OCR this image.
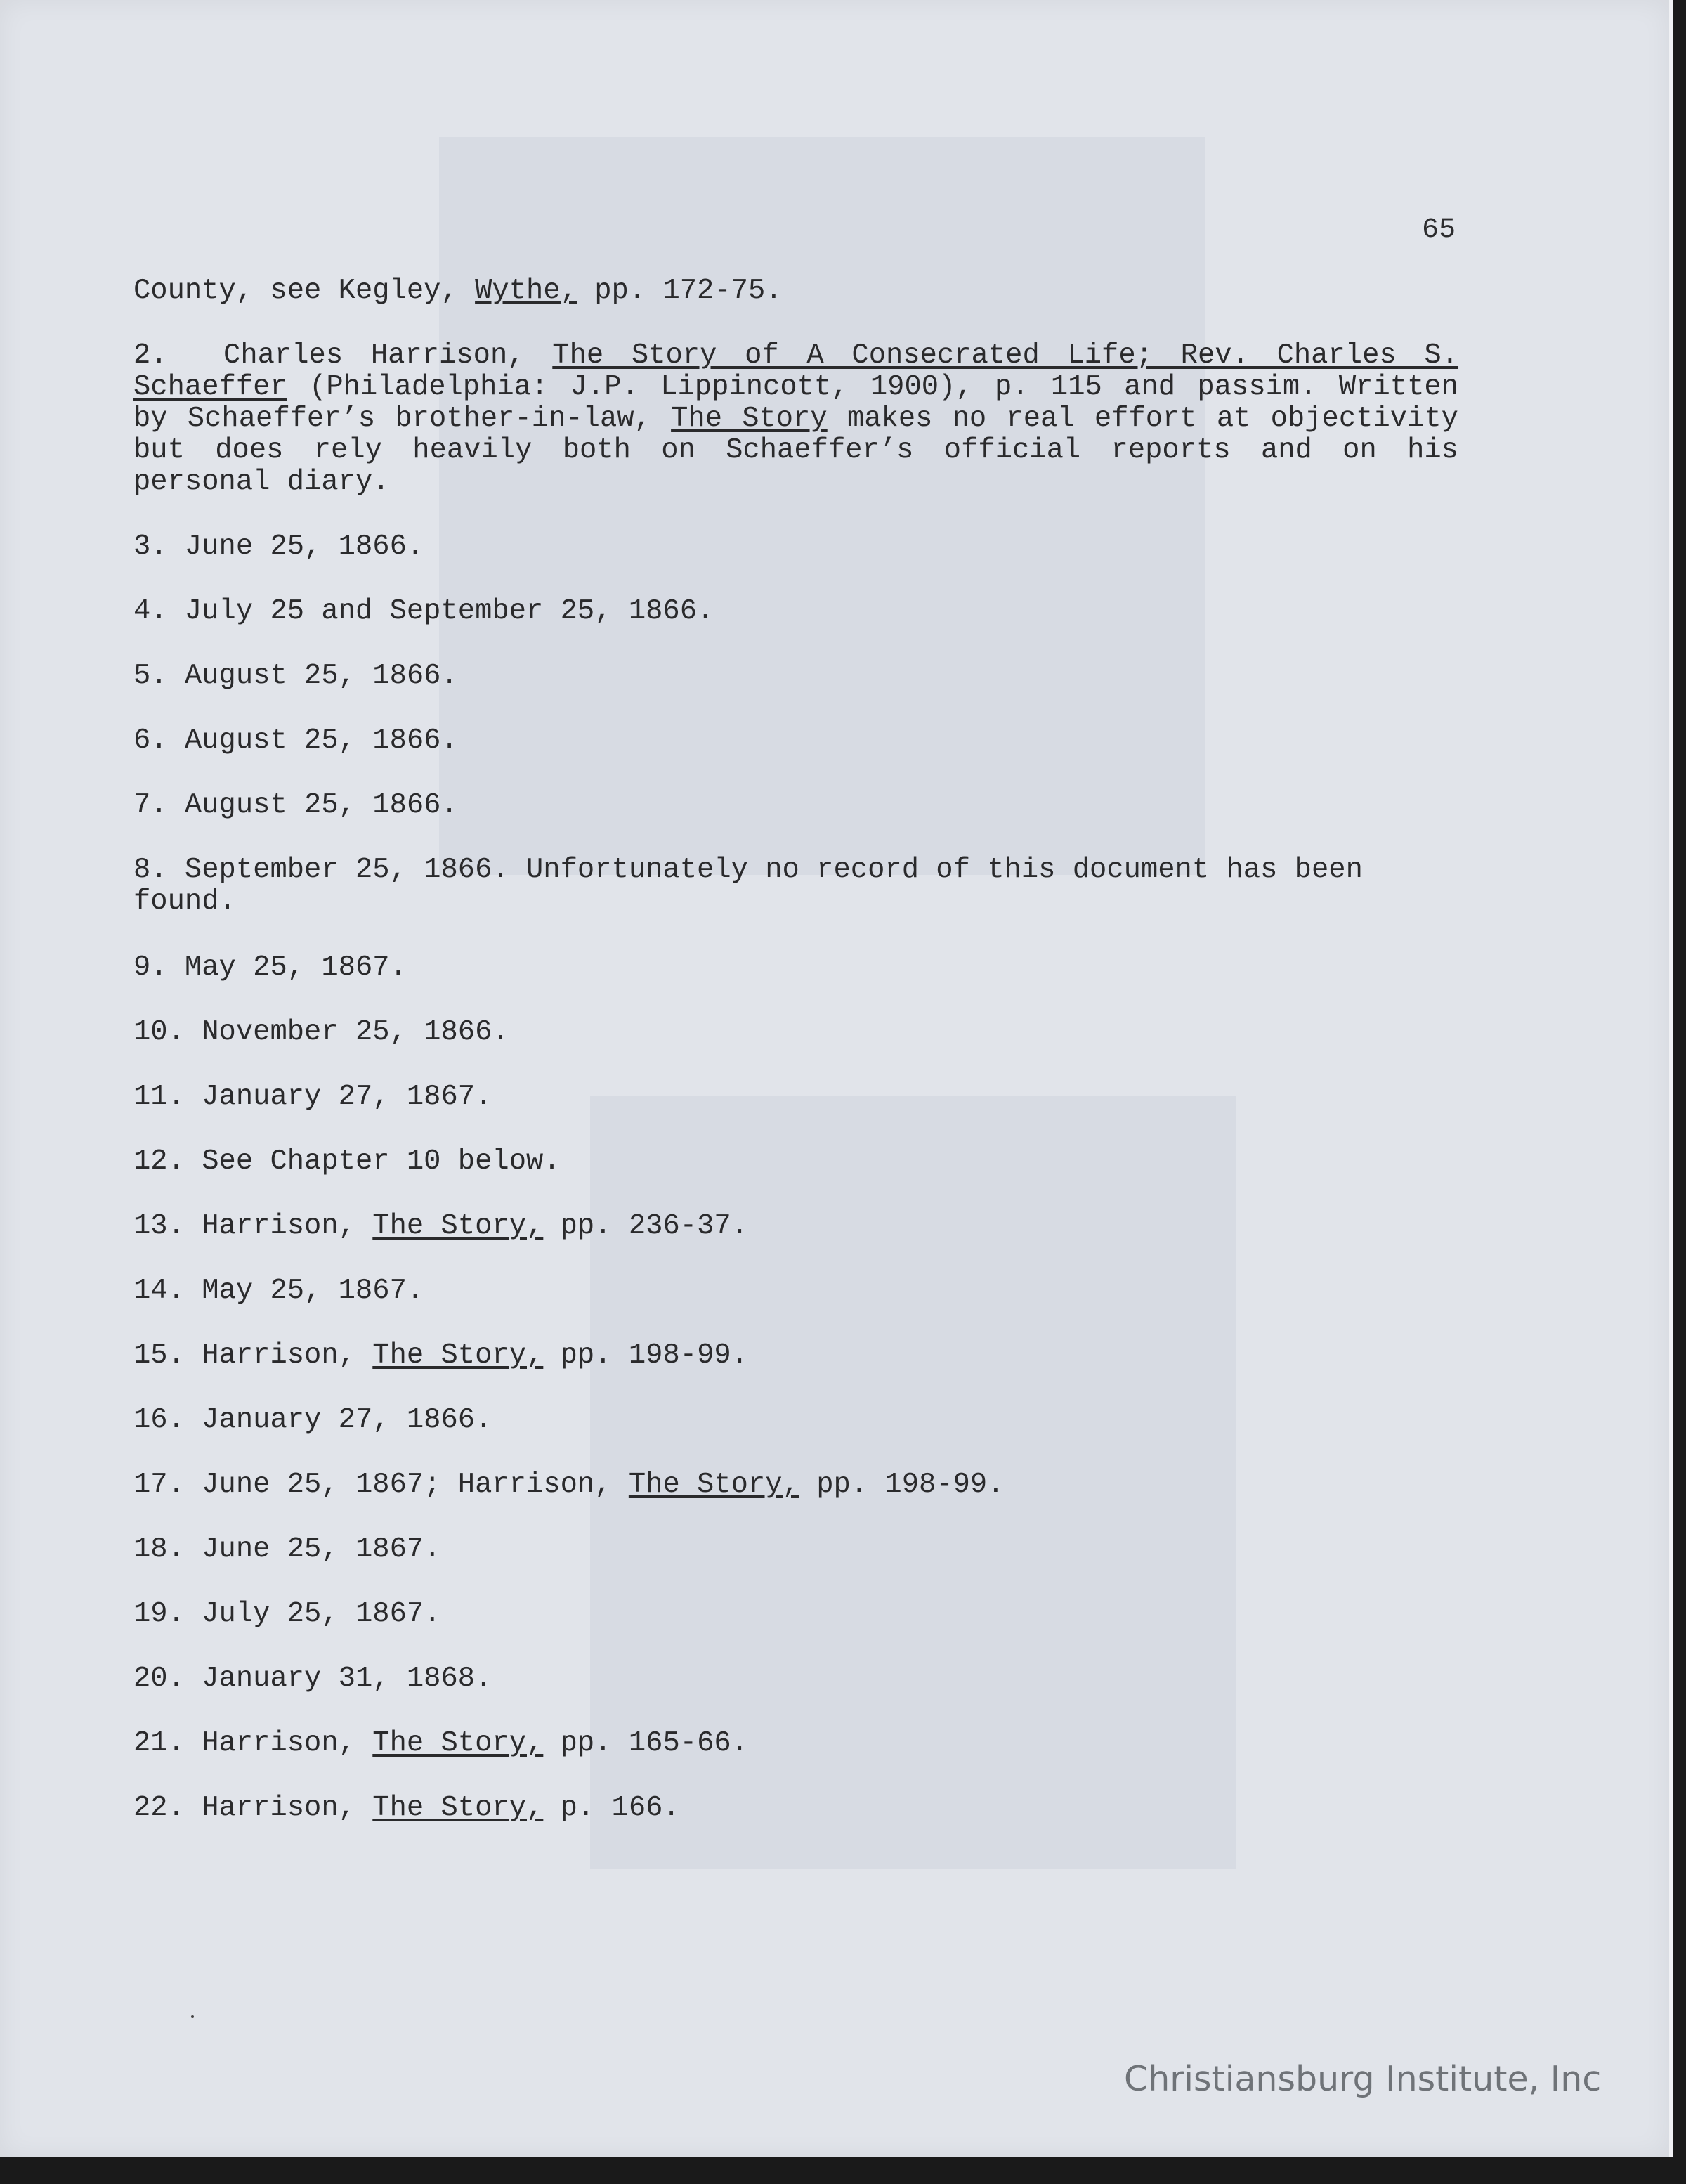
65

County, see Kegley, Wythe, pp. 172-75.

2. Charles Harrison, The Story of A Consecrated Life; Rev. Charles S. Schaeffer (Philadelphia: J.P. Lippincott, 1900), p. 115 and passim. Written by Schaeffer’s brother-in-law, The Story makes no real effort at objectivity but does rely heavily both on Schaeffer’s official reports and on his personal diary.

3. June 25, 1866.

4. July 25 and September 25, 1866.

5. August 25, 1866.

6. August 25, 1866.

7. August 25, 1866.

8. September 25, 1866. Unfortunately no record of this document has been found.

9. May 25, 1867.

10. November 25, 1866.

11. January 27, 1867.

12. See Chapter 10 below.

13. Harrison, The Story, pp. 236-37.

14. May 25, 1867.

15. Harrison, The Story, pp. 198-99.

16. January 27, 1866.

17. June 25, 1867; Harrison, The Story, pp. 198-99.

18. June 25, 1867.

19. July 25, 1867.

20. January 31, 1868.

21. Harrison, The Story, pp. 165-66.

22. Harrison, The Story, p. 166.

Christiansburg Institute, Inc
